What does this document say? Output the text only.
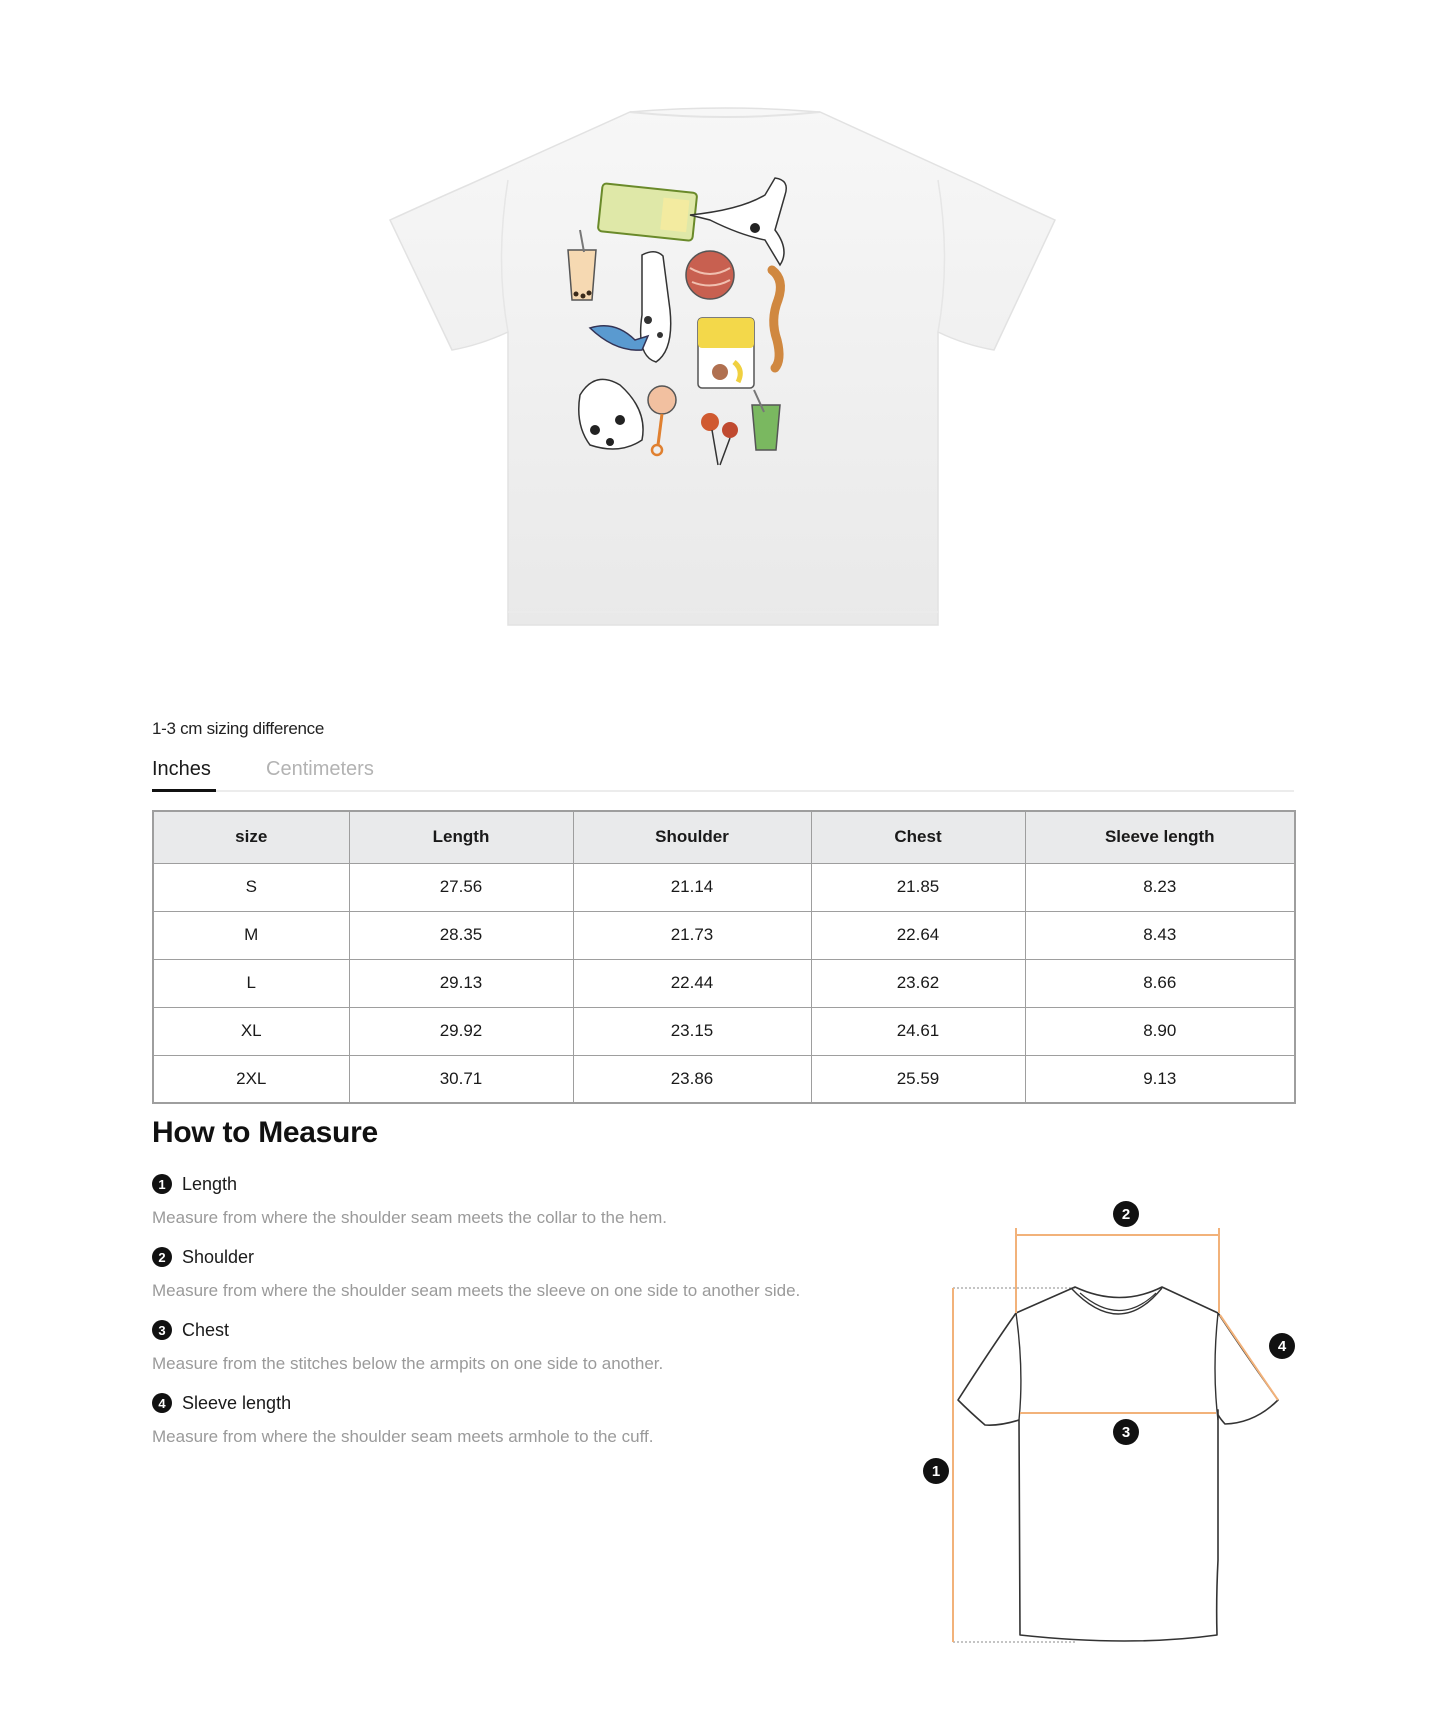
1-3 cm sizing difference
Inches	Centimeters
size	Length	Shoulder	Chest	Sleeve length
S	27.56	21.14	21.85	8.23
M	28.35	21.73	22.64	8.43
L	29.13	22.44	23.62	8.66
XL	29.92	23.15	24.61	8.90
2XL	30.71	23.86	25.59	9.13
How to Measure
1 Length
Measure from where the shoulder seam meets the collar to the hem.
2 Shoulder
Measure from where the shoulder seam meets the sleeve on one side to another side.
3 Chest
Measure from the stitches below the armpits on one side to another.
4 Sleeve length
Measure from where the shoulder seam meets armhole to the cuff.
2
4
3
1
